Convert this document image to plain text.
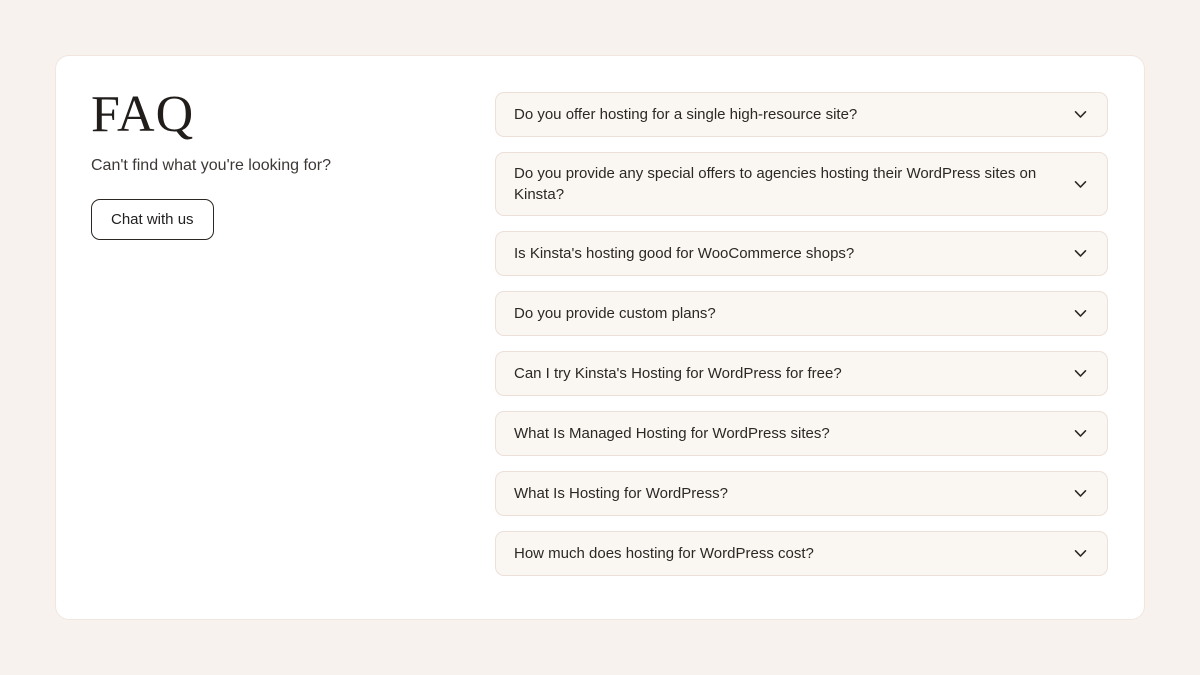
FAQ

Can't find what you're looking for?

Chat with us
Do you offer hosting for a single high-resource site?
Do you provide any special offers to agencies hosting their WordPress sites on Kinsta?
Is Kinsta's hosting good for WooCommerce shops?
Do you provide custom plans?
Can I try Kinsta's Hosting for WordPress for free?
What Is Managed Hosting for WordPress sites?
What Is Hosting for WordPress?
How much does hosting for WordPress cost?
